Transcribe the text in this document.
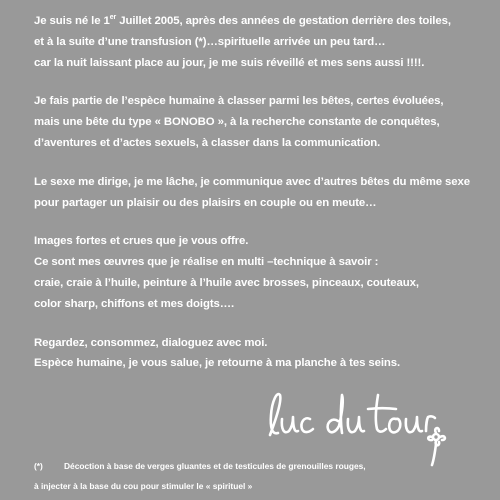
Je suis né le 1er Juillet 2005, après des années de gestation derrière des toiles,
et à la suite d’une transfusion (*)…spirituelle arrivée un peu tard…
car la nuit laissant place au jour, je me suis réveillé et mes sens aussi !!!!.
Je fais partie de l’espèce humaine à classer parmi les bêtes, certes évoluées,
mais une bête du type « BONOBO », à la recherche constante de conquêtes,
d’aventures et d’actes sexuels, à classer dans la communication.
Le sexe me dirige, je me lâche, je communique avec d’autres bêtes du même sexe
pour partager un plaisir ou des plaisirs en couple ou en meute…
Images fortes et crues que je vous offre.
Ce sont mes œuvres que je réalise en multi –technique à savoir :
craie, craie à l’huile, peinture à l’huile avec brosses, pinceaux, couteaux,
color sharp, chiffons et mes doigts….
Regardez, consommez, dialoguez avec moi.
Espèce humaine, je vous salue, je retourne à ma planche à tes seins.
(*)	Décoction à base de verges gluantes et de testicules de grenouilles rouges,
à injecter à la base du cou pour stimuler le « spirituel »
